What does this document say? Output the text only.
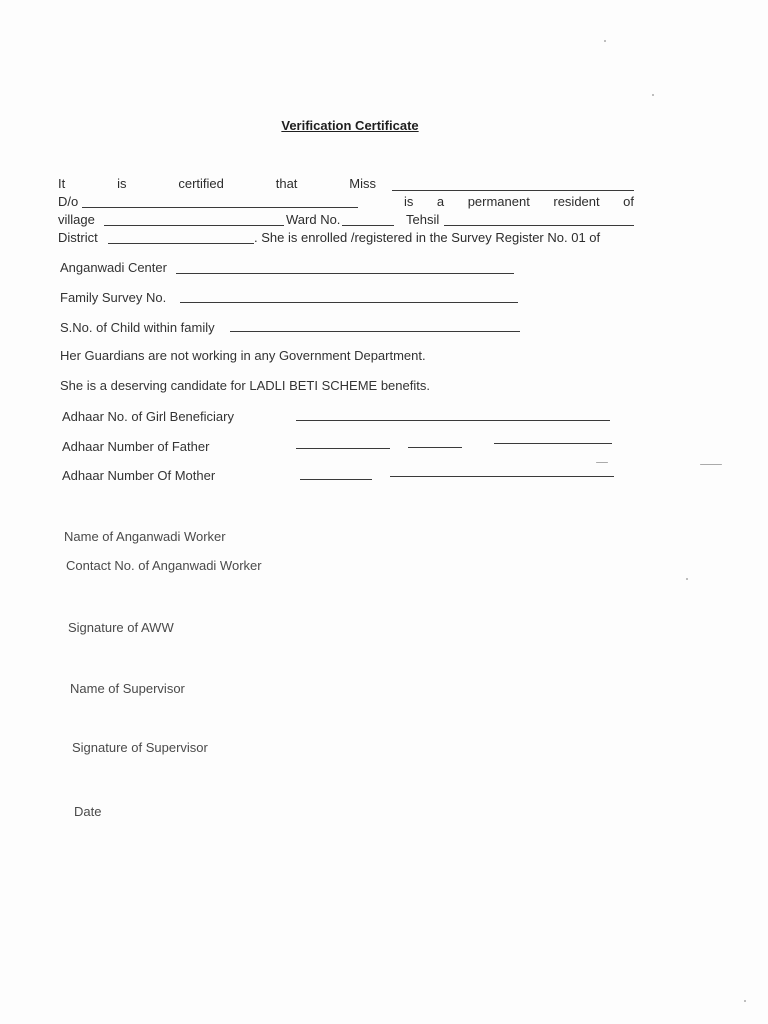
Verification Certificate
It	is	certified	that	Miss
D/o	is a permanent resident of
village	Ward No.	Tehsil
District	. She is enrolled /registered in the Survey Register No. 01 of
Anganwadi Center
Family Survey No.
S.No. of Child within family
Her Guardians are not working in any Government Department.
She is a deserving candidate for LADLI BETI SCHEME benefits.
Adhaar No. of Girl Beneficiary
Adhaar Number of Father
Adhaar Number Of Mother
Name of Anganwadi Worker
Contact No. of Anganwadi Worker
Signature of AWW
Name of Supervisor
Signature of Supervisor
Date
